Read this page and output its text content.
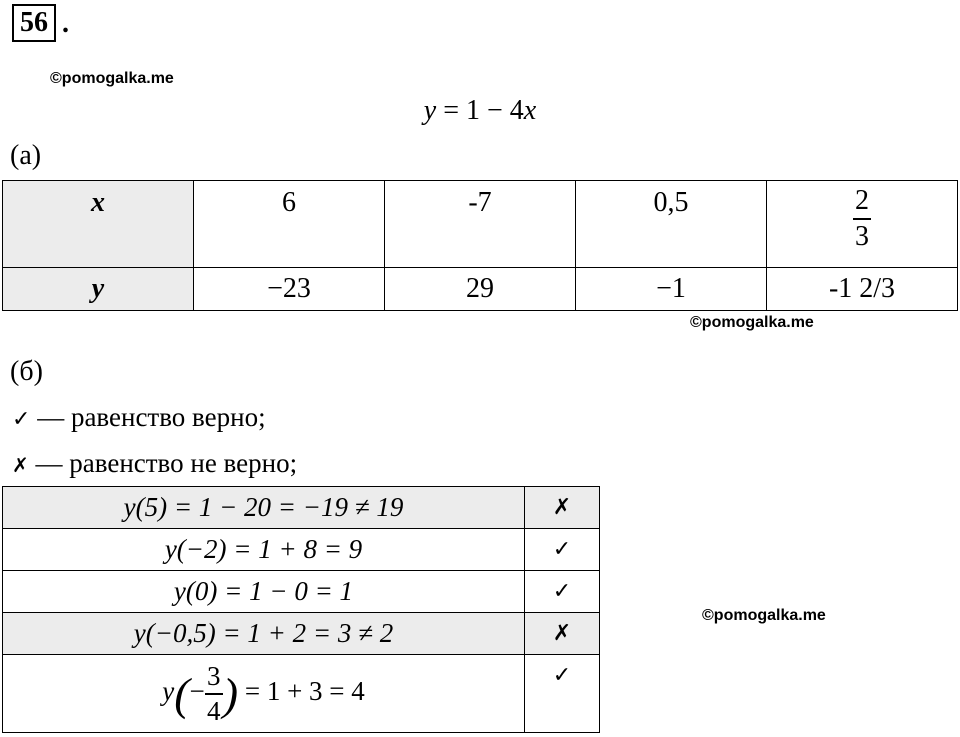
56 .
©pomogalka.me
y = 1 − 4x
(а)
x	6	-7	0,5	$\frac{2}{3}$

y	−23	29	−1	-1 2/3
©pomogalka.me
(б)
✓ — равенство верно;
✗ — равенство не верно;
y(5) = 1 − 20 = −19 ≠ 19	✗
y(−2) = 1 + 8 = 9	✓
y(0) = 1 − 0 = 1	✓
y(−0,5) = 1 + 2 = 3 ≠ 2	✗
$y(- \frac{3}{4}$ ) = 1 + 3 = 4	✓
©pomogalka.me
